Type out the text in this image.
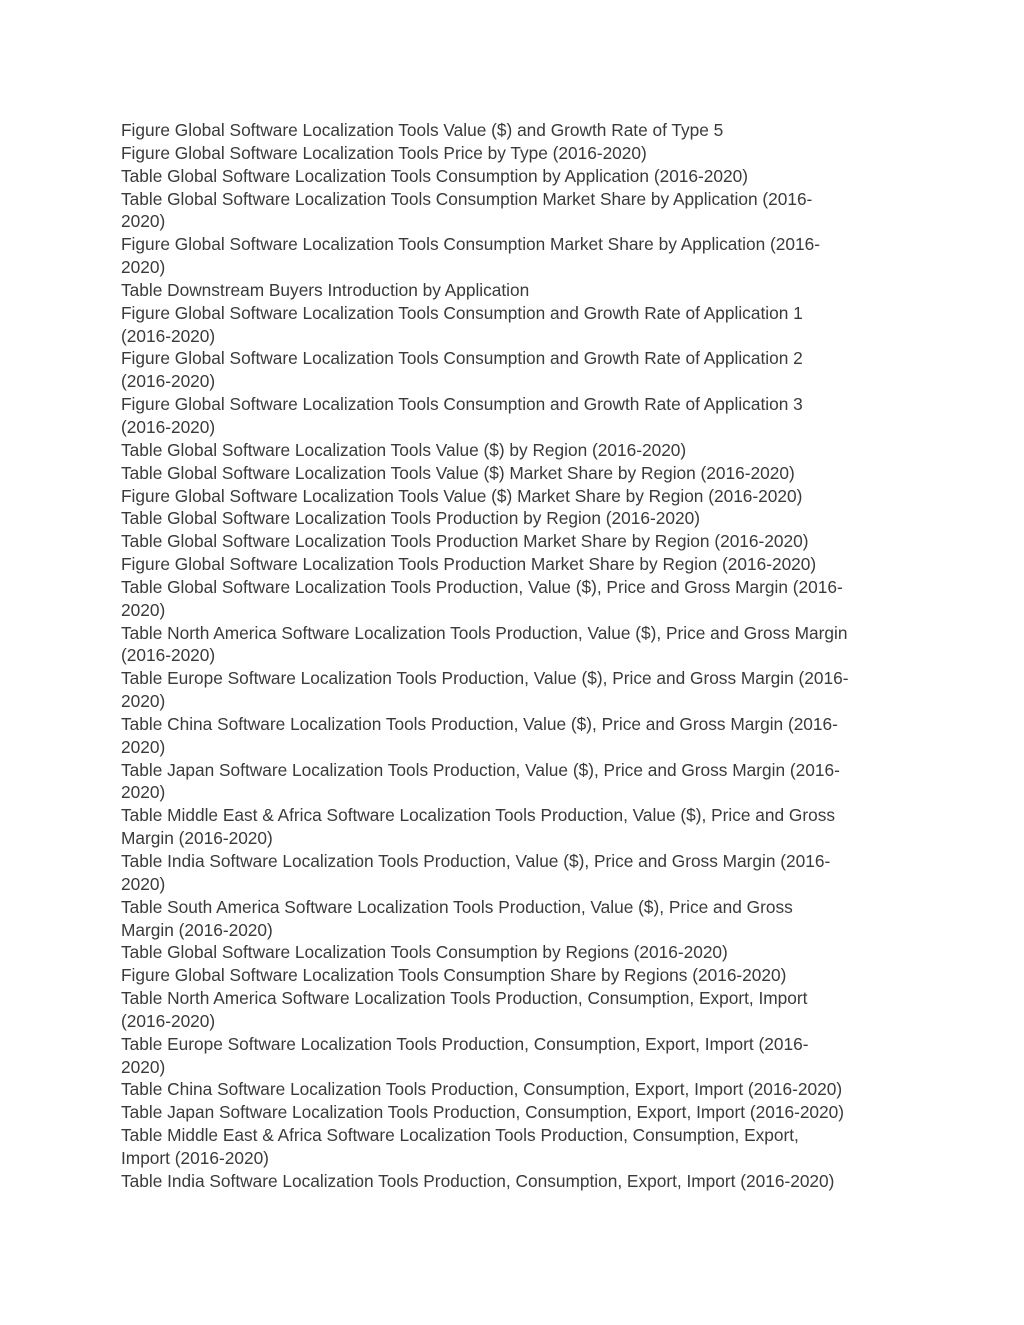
Figure Global Software Localization Tools Value ($) and Growth Rate of Type 5
Figure Global Software Localization Tools Price by Type (2016-2020)
Table Global Software Localization Tools Consumption by Application (2016-2020)
Table Global Software Localization Tools Consumption Market Share by Application (2016-
2020)
Figure Global Software Localization Tools Consumption Market Share by Application (2016-
2020)
Table Downstream Buyers Introduction by Application
Figure Global Software Localization Tools Consumption and Growth Rate of Application 1
(2016-2020)
Figure Global Software Localization Tools Consumption and Growth Rate of Application 2
(2016-2020)
Figure Global Software Localization Tools Consumption and Growth Rate of Application 3
(2016-2020)
Table Global Software Localization Tools Value ($) by Region (2016-2020)
Table Global Software Localization Tools Value ($) Market Share by Region (2016-2020)
Figure Global Software Localization Tools Value ($) Market Share by Region (2016-2020)
Table Global Software Localization Tools Production by Region (2016-2020)
Table Global Software Localization Tools Production Market Share by Region (2016-2020)
Figure Global Software Localization Tools Production Market Share by Region (2016-2020)
Table Global Software Localization Tools Production, Value ($), Price and Gross Margin (2016-
2020)
Table North America Software Localization Tools Production, Value ($), Price and Gross Margin
(2016-2020)
Table Europe Software Localization Tools Production, Value ($), Price and Gross Margin (2016-
2020)
Table China Software Localization Tools Production, Value ($), Price and Gross Margin (2016-
2020)
Table Japan Software Localization Tools Production, Value ($), Price and Gross Margin (2016-
2020)
Table Middle East & Africa Software Localization Tools Production, Value ($), Price and Gross
Margin (2016-2020)
Table India Software Localization Tools Production, Value ($), Price and Gross Margin (2016-
2020)
Table South America Software Localization Tools Production, Value ($), Price and Gross
Margin (2016-2020)
Table Global Software Localization Tools Consumption by Regions (2016-2020)
Figure Global Software Localization Tools Consumption Share by Regions (2016-2020)
Table North America Software Localization Tools Production, Consumption, Export, Import
(2016-2020)
Table Europe Software Localization Tools Production, Consumption, Export, Import (2016-
2020)
Table China Software Localization Tools Production, Consumption, Export, Import (2016-2020)
Table Japan Software Localization Tools Production, Consumption, Export, Import (2016-2020)
Table Middle East & Africa Software Localization Tools Production, Consumption, Export,
Import (2016-2020)
Table India Software Localization Tools Production, Consumption, Export, Import (2016-2020)
